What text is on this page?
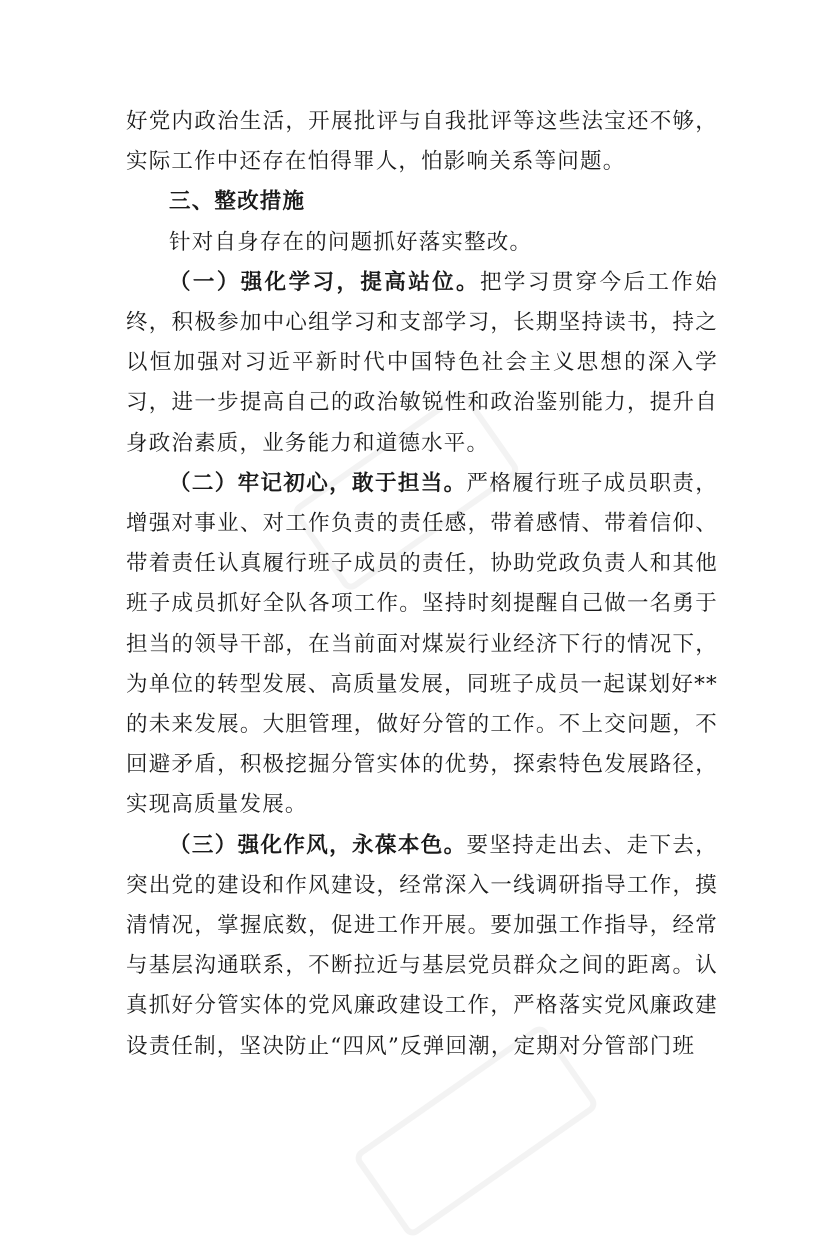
好党内政治生活，开展批评与自我批评等这些法宝还不够，实际工作中还存在怕得罪人，怕影响关系等问题。

三、整改措施

针对自身存在的问题抓好落实整改。

（一）强化学习，提高站位。把学习贯穿今后工作始终，积极参加中心组学习和支部学习，长期坚持读书，持之以恒加强对习近平新时代中国特色社会主义思想的深入学习，进一步提高自己的政治敏锐性和政治鉴别能力，提升自身政治素质，业务能力和道德水平。

（二）牢记初心，敢于担当。严格履行班子成员职责，增强对事业、对工作负责的责任感，带着感情、带着信仰、带着责任认真履行班子成员的责任，协助党政负责人和其他班子成员抓好全队各项工作。坚持时刻提醒自己做一名勇于担当的领导干部，在当前面对煤炭行业经济下行的情况下，为单位的转型发展、高质量发展，同班子成员一起谋划好**的未来发展。大胆管理，做好分管的工作。不上交问题，不回避矛盾，积极挖掘分管实体的优势，探索特色发展路径，实现高质量发展。

（三）强化作风，永葆本色。要坚持走出去、走下去，突出党的建设和作风建设，经常深入一线调研指导工作，摸清情况，掌握底数，促进工作开展。要加强工作指导，经常与基层沟通联系，不断拉近与基层党员群众之间的距离。认真抓好分管实体的党风廉政建设工作，严格落实党风廉政建设责任制，坚决防止“四风”反弹回潮，定期对分管部门班
